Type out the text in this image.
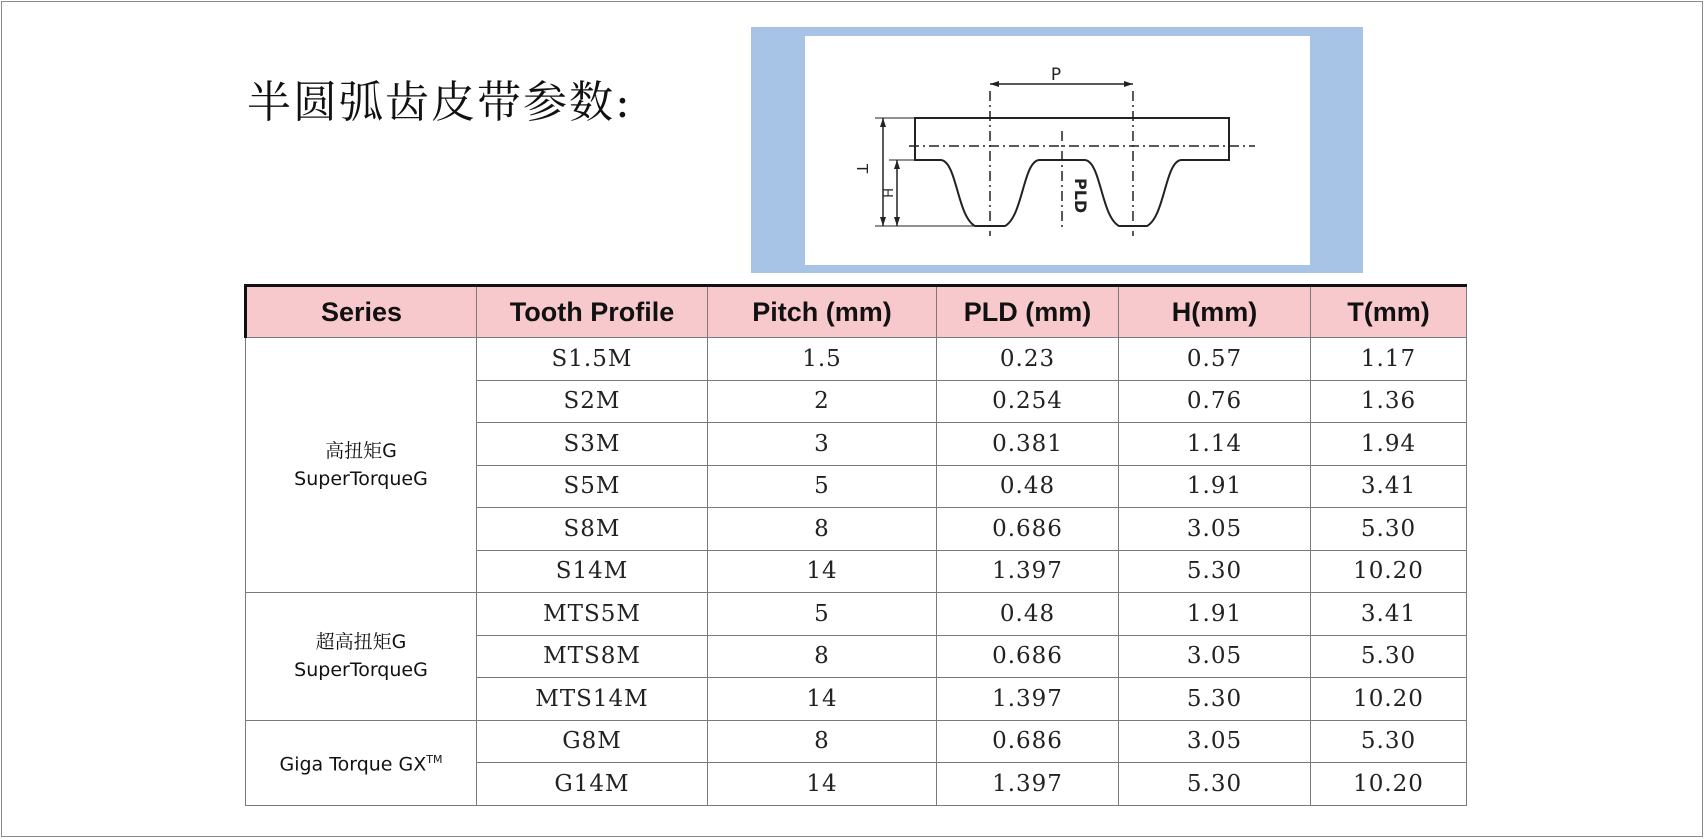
半圆弧齿皮带参数:
P
T
H	PLD
Series	Tooth Profile	Pitch (mm)	PLD (mm)	H(mm)	T(mm)

高扭矩G
SuperTorqueG	S1.5M	1.5	0.23	0.57	1.17
	S2M	2	0.254	0.76	1.36
	S3M	3	0.381	1.14	1.94
	S5M	5	0.48	1.91	3.41
	S8M	8	0.686	3.05	5.30
	S14M	14	1.397	5.30	10.20

超高扭矩G
SuperTorqueG	MTS5M	5	0.48	1.91	3.41
	MTS8M	8	0.686	3.05	5.30
	MTS14M	14	1.397	5.30	10.20
Giga Torque GX™	G8M	8	0.686	3.05	5.30
	G14M	14	1.397	5.30	10.20
